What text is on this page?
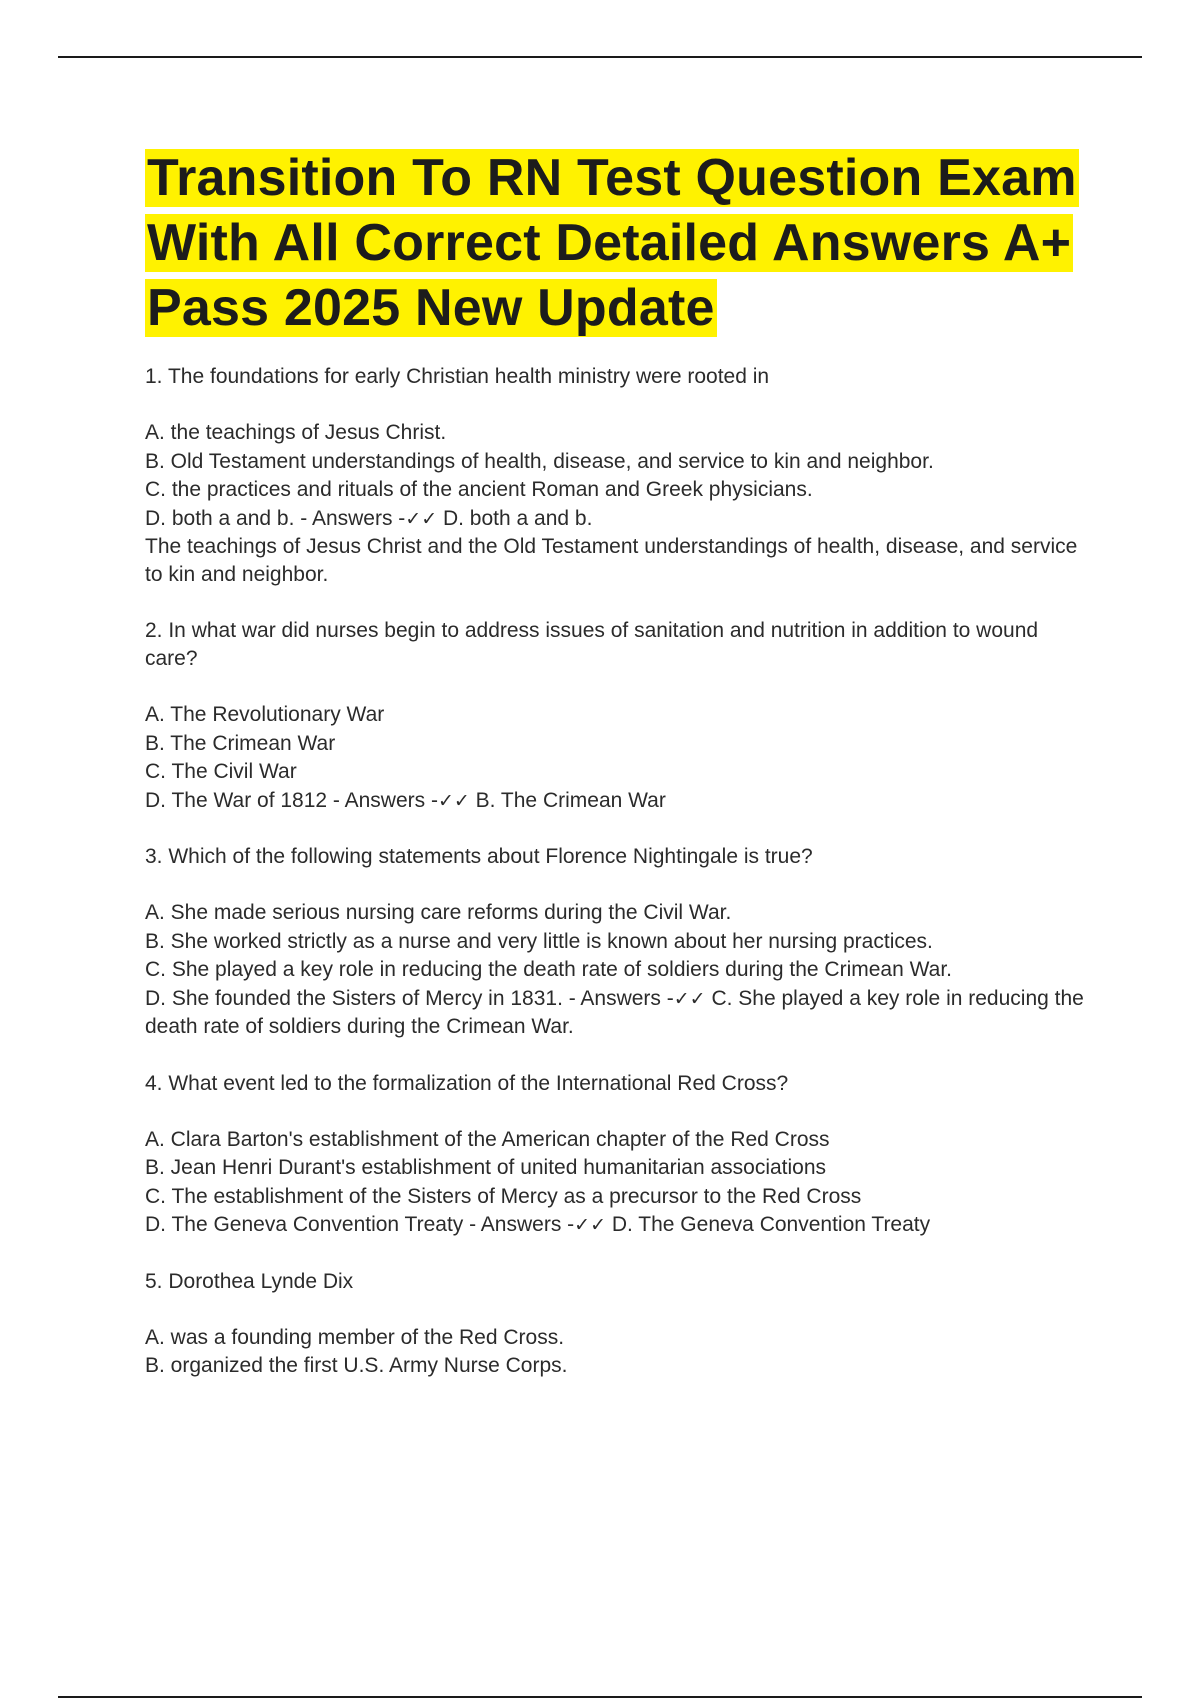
Transition To RN Test Question Exam With All Correct Detailed Answers A+ Pass 2025 New Update

1. The foundations for early Christian health ministry were rooted in

A. the teachings of Jesus Christ.
B. Old Testament understandings of health, disease, and service to kin and neighbor.
C. the practices and rituals of the ancient Roman and Greek physicians.
D. both a and b. - Answers -✓✓ D. both a and b.
The teachings of Jesus Christ and the Old Testament understandings of health, disease, and service to kin and neighbor.

2. In what war did nurses begin to address issues of sanitation and nutrition in addition to wound care?

A. The Revolutionary War
B. The Crimean War
C. The Civil War
D. The War of 1812 - Answers -✓✓ B. The Crimean War

3. Which of the following statements about Florence Nightingale is true?

A. She made serious nursing care reforms during the Civil War.
B. She worked strictly as a nurse and very little is known about her nursing practices.
C. She played a key role in reducing the death rate of soldiers during the Crimean War.
D. She founded the Sisters of Mercy in 1831. - Answers -✓✓ C. She played a key role in reducing the death rate of soldiers during the Crimean War.

4. What event led to the formalization of the International Red Cross?

A. Clara Barton's establishment of the American chapter of the Red Cross
B. Jean Henri Durant's establishment of united humanitarian associations
C. The establishment of the Sisters of Mercy as a precursor to the Red Cross
D. The Geneva Convention Treaty - Answers -✓✓ D. The Geneva Convention Treaty

5. Dorothea Lynde Dix

A. was a founding member of the Red Cross.
B. organized the first U.S. Army Nurse Corps.
